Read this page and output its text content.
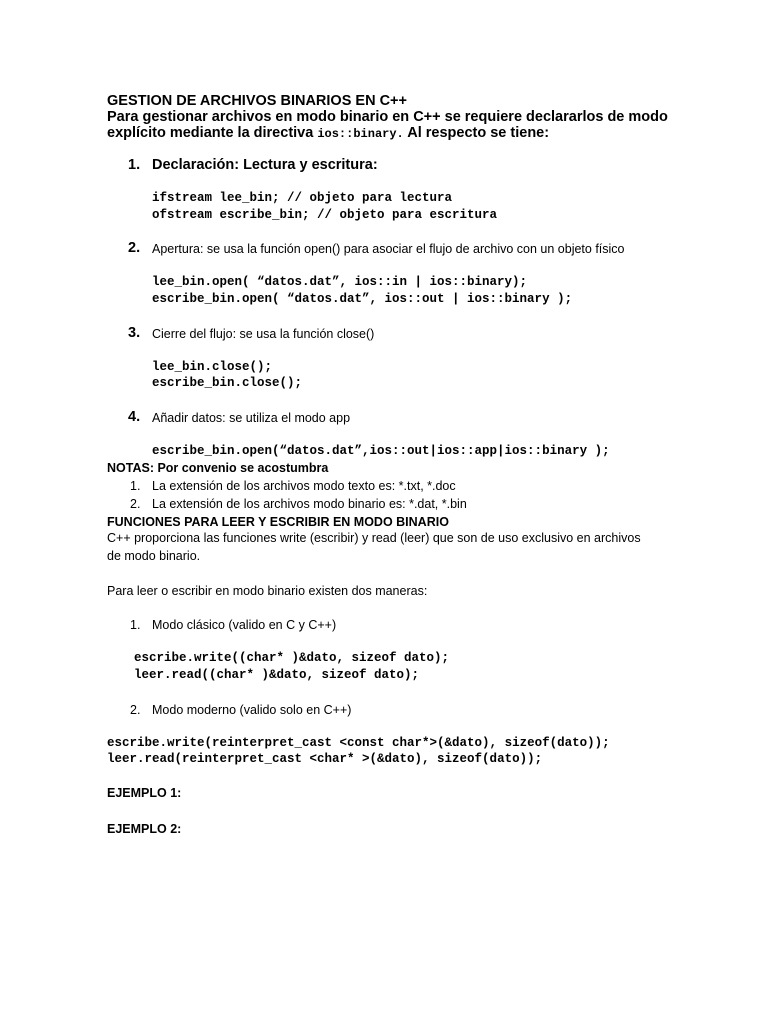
GESTION DE ARCHIVOS BINARIOS EN C++
Para gestionar archivos en modo binario en C++ se requiere declararlos de modo
explícito mediante la directiva ios::binary. Al respecto se tiene:
1. Declaración: Lectura y escritura:
ifstream lee_bin; // objeto para lectura
ofstream escribe_bin; // objeto para escritura
2. Apertura: se usa la función open() para asociar el flujo de archivo con un objeto físico
lee_bin.open( “datos.dat”, ios::in | ios::binary);
escribe_bin.open( “datos.dat”, ios::out | ios::binary );
3. Cierre del flujo: se usa la función close()
lee_bin.close();
escribe_bin.close();
4. Añadir datos: se utiliza el modo app
escribe_bin.open(“datos.dat”,ios::out|ios::app|ios::binary );
NOTAS: Por convenio se acostumbra
1. La extensión de los archivos modo texto es: *.txt, *.doc
2. La extensión de los archivos modo binario es: *.dat, *.bin
FUNCIONES PARA LEER Y ESCRIBIR EN MODO BINARIO
C++ proporciona las funciones write (escribir) y read (leer) que son de uso exclusivo en archivos
de modo binario.
Para leer o escribir en modo binario existen dos maneras:
1. Modo clásico (valido en C y C++)
escribe.write((char* )&dato, sizeof dato);
leer.read((char* )&dato, sizeof dato);
2. Modo moderno (valido solo en C++)
escribe.write(reinterpret_cast <const char*>(&dato), sizeof(dato));
leer.read(reinterpret_cast <char* >(&dato), sizeof(dato));
EJEMPLO 1:
EJEMPLO 2:
